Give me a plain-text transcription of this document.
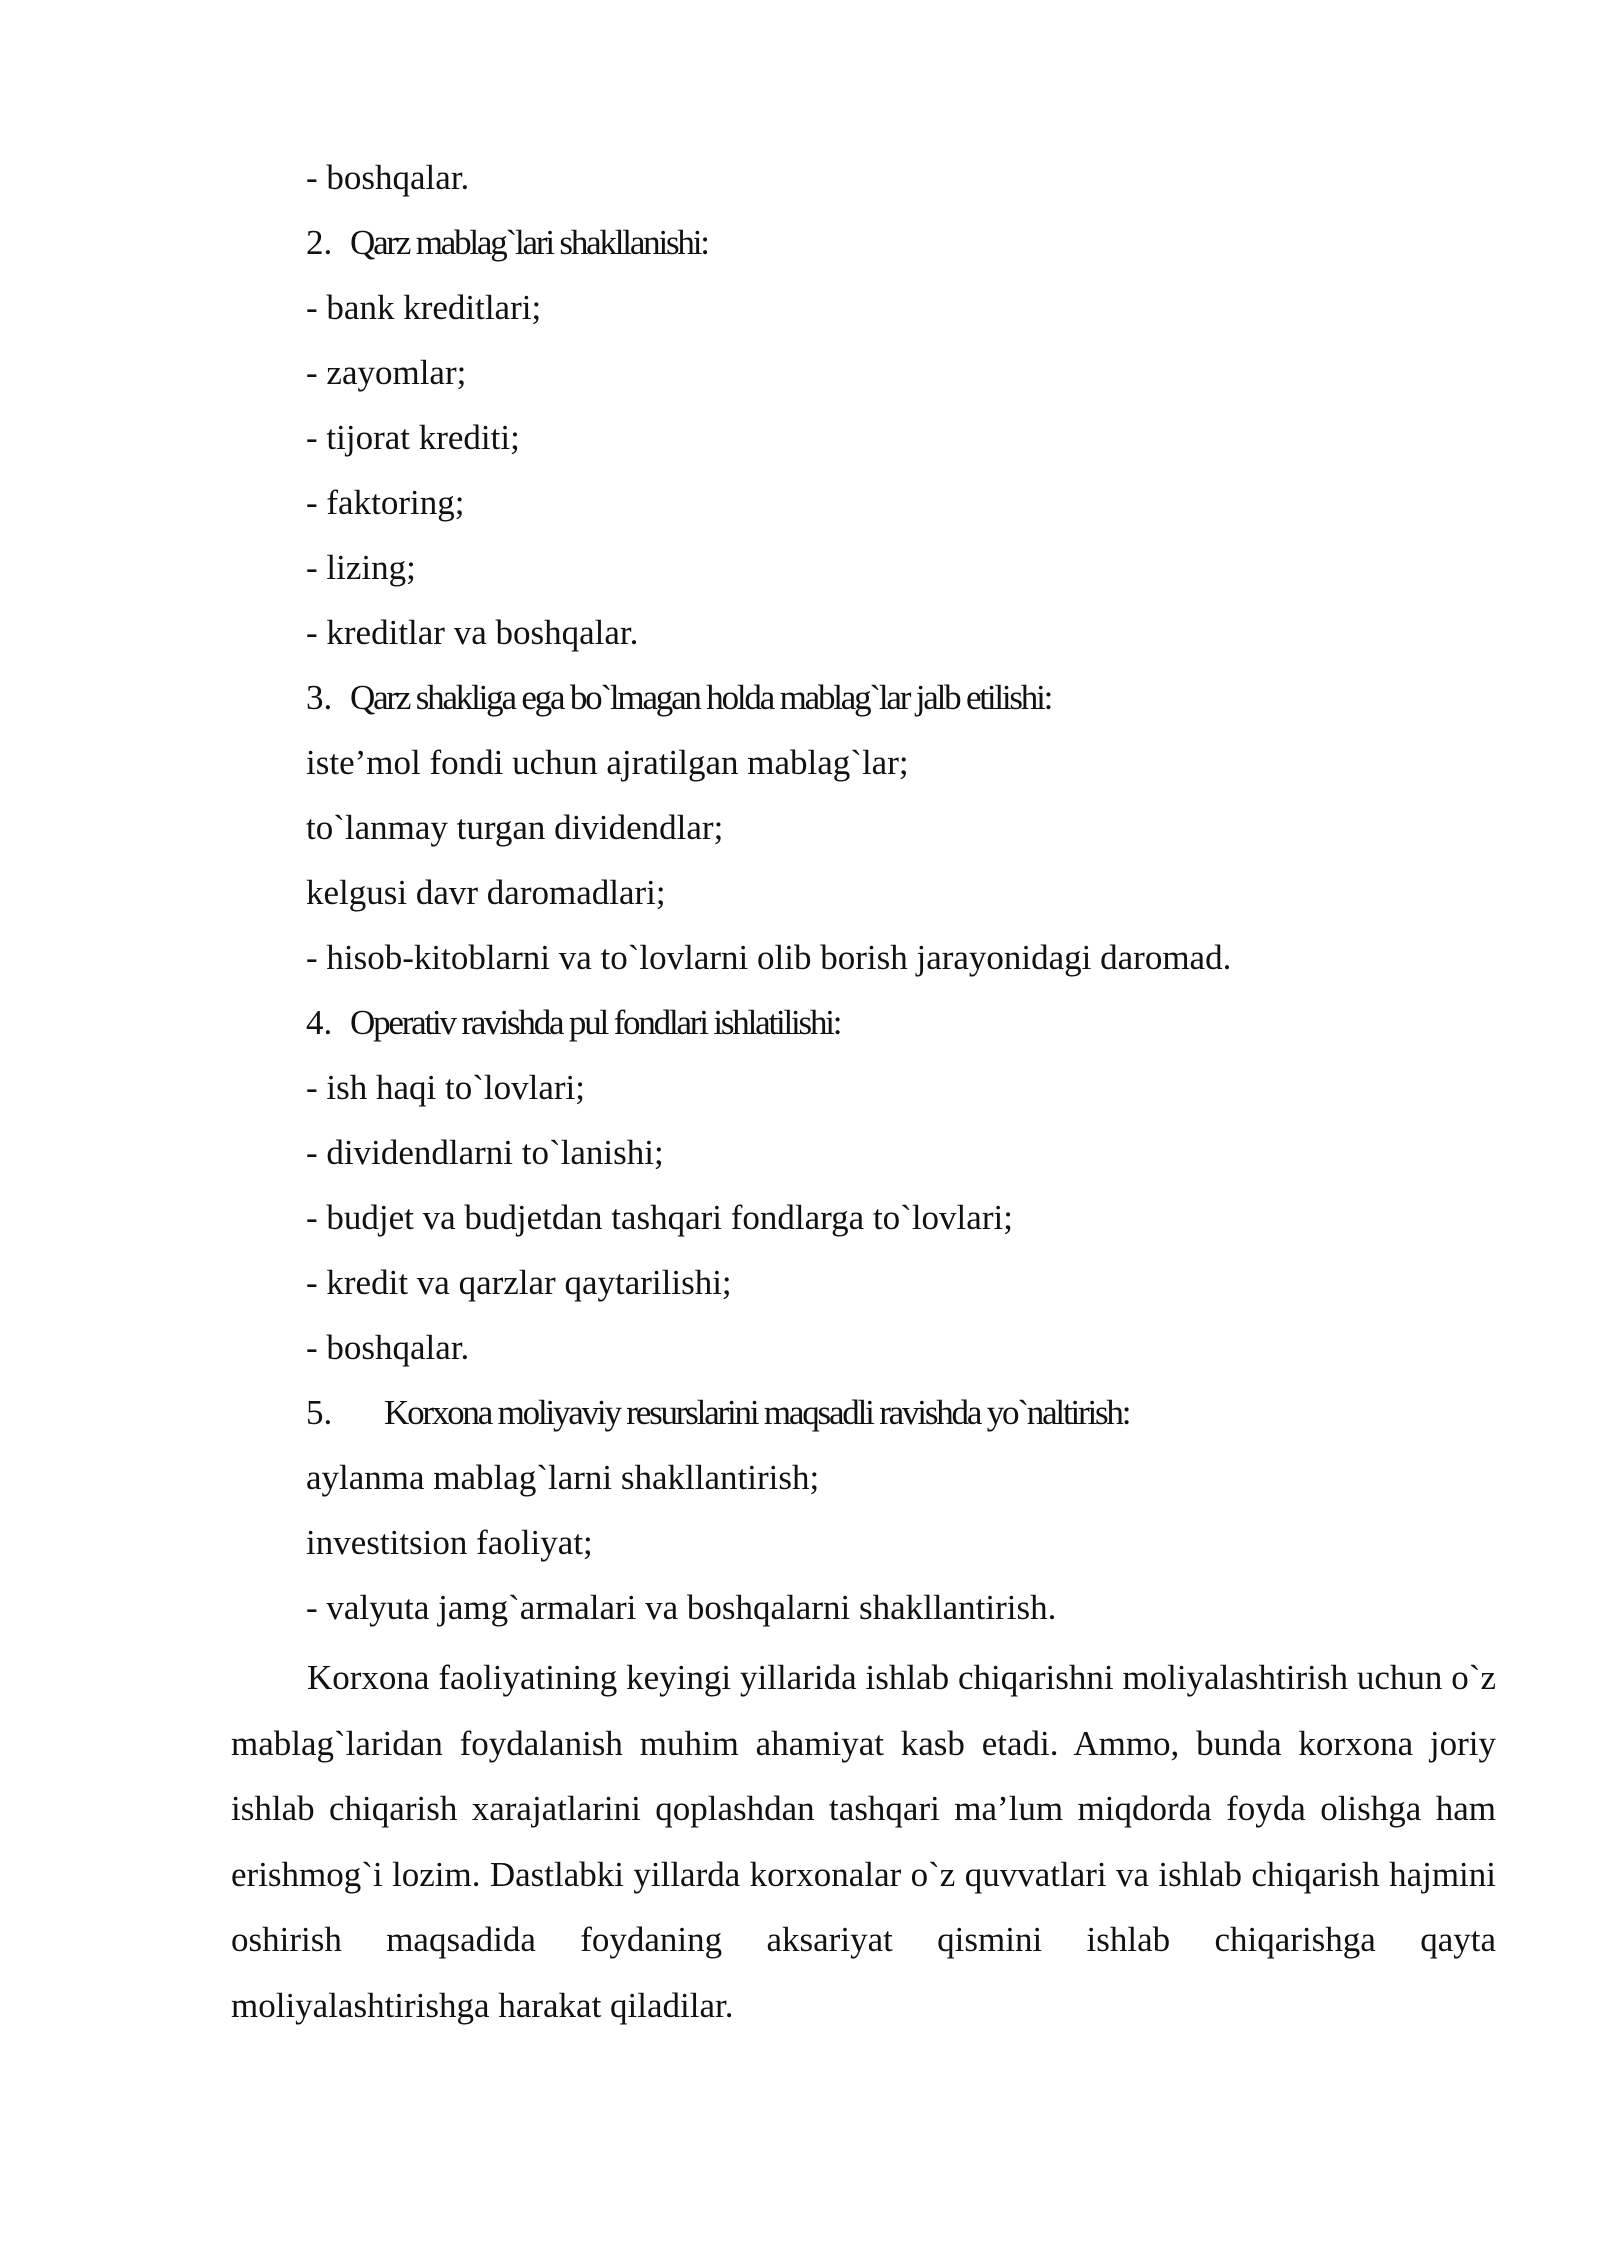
- boshqalar.
2. Qarz mablag`lari shakllanishi:
- bank kreditlari;
- zayomlar;
- tijorat krediti;
- faktoring;
- lizing;
- kreditlar va boshqalar.
3. Qarz shakliga ega bo`lmagan holda mablag`lar jalb etilishi:
iste’mol fondi uchun ajratilgan mablag`lar;
to`lanmay turgan dividendlar;
kelgusi davr daromadlari;
- hisob-kitoblarni va to`lovlarni olib borish jarayonidagi daromad.
4. Operativ ravishda pul fondlari ishlatilishi:
- ish haqi to`lovlari;
- dividendlarni to`lanishi;
- budjet va budjetdan tashqari fondlarga to`lovlari;
- kredit va qarzlar qaytarilishi;
- boshqalar.
5. Korxona moliyaviy resurslarini maqsadli ravishda yo`naltirish:
aylanma mablag`larni shakllantirish;
investitsion faoliyat;
- valyuta jamg`armalari va boshqalarni shakllantirish.

Korxona faoliyatining keyingi yillarida ishlab chiqarishni moliyalashtirish uchun o`z mablag`laridan foydalanish muhim ahamiyat kasb etadi. Ammo, bunda korxona joriy ishlab chiqarish xarajatlarini qoplashdan tashqari ma’lum miqdorda foyda olishga ham erishmog`i lozim. Dastlabki yillarda korxonalar o`z quvvatlari va ishlab chiqarish hajmini oshirish maqsadida foydaning aksariyat qismini ishlab chiqarishga qayta moliyalashtirishga harakat qiladilar.
